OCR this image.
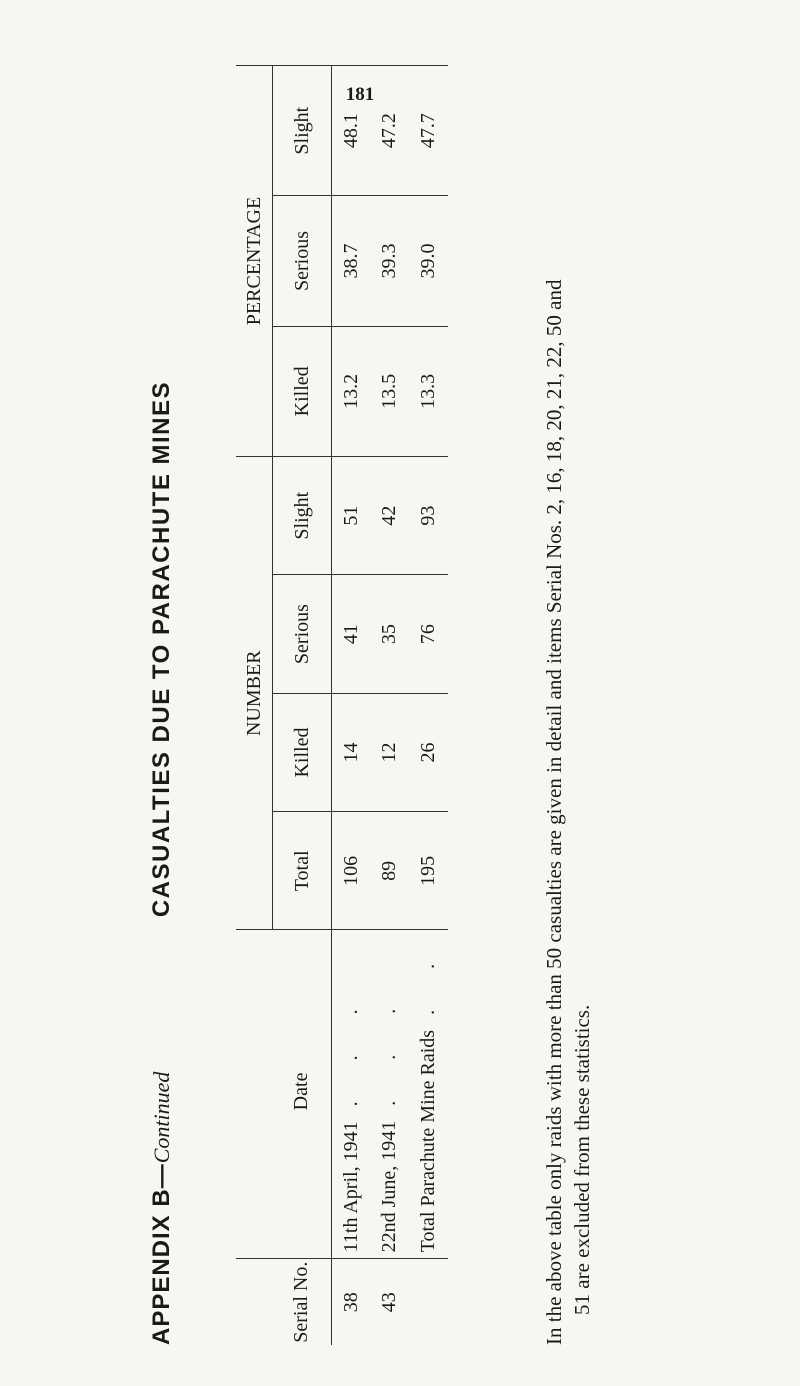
181
APPENDIX B—Continued CASUALTIES DUE TO PARACHUTE MINES
			NUMBER				PERCENTAGE		
Serial No.	Date	Total	Killed	Serious	Slight	Killed	Serious	Slight
38	11th April, 1941   . . .	106	14	41	51	13.2	38.7	48.1
43	22nd June, 1941   . . .	89	12	35	42	13.5	39.3	47.2
	Total Parachute Mine Raids   . .	195	26	76	93	13.3	39.0	47.7
In the above table only raids with more than 50 casualties are given in detail and items Serial Nos. 2, 16, 18, 20, 21, 22, 50 and 51 are excluded from these statistics.
